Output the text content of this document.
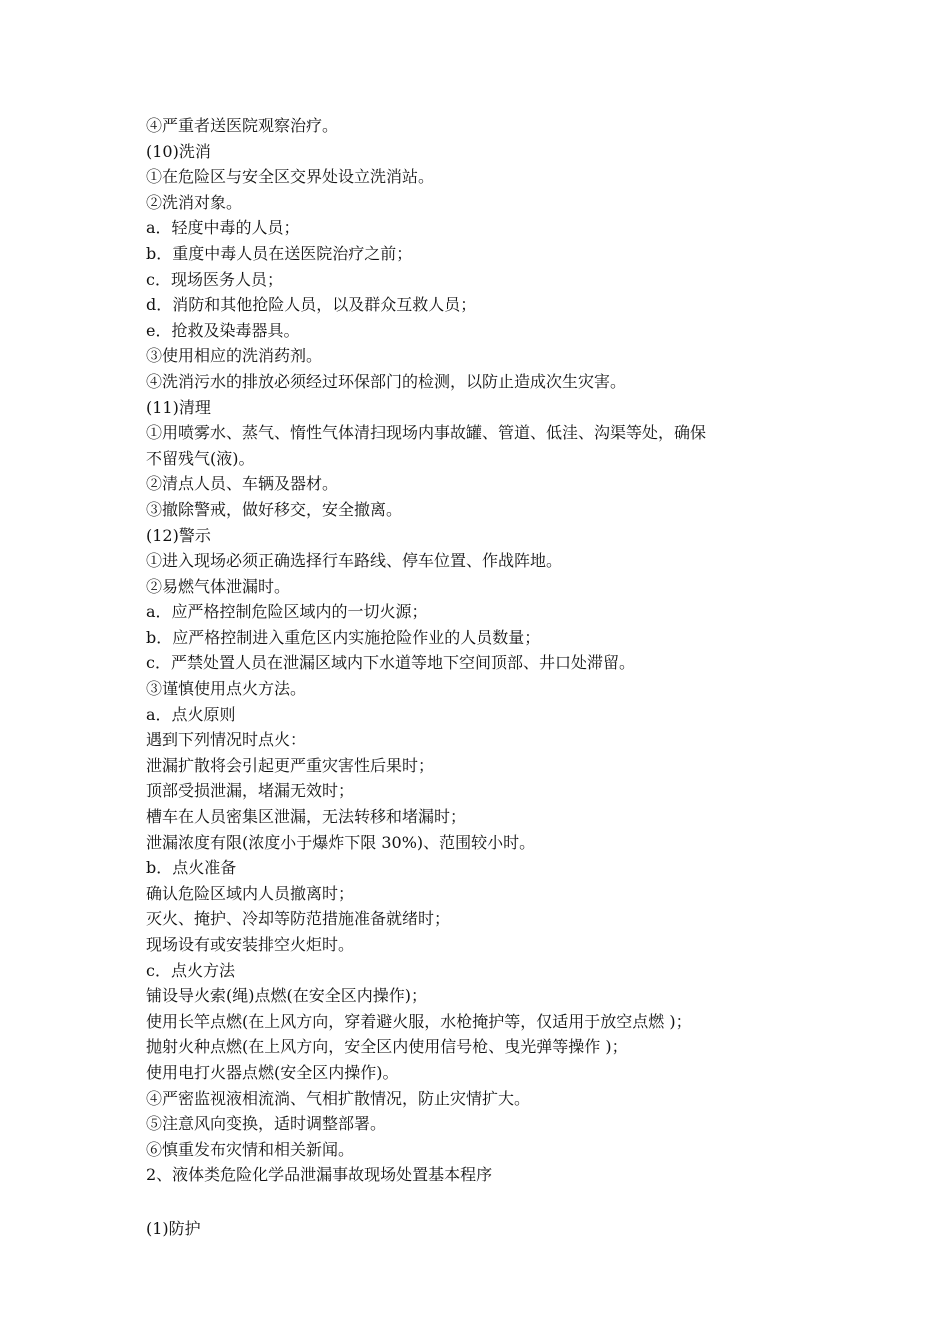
④严重者送医院观察治疗。

(10)洗消

①在危险区与安全区交界处设立洗消站。

②洗消对象。

a．轻度中毒的人员；

b．重度中毒人员在送医院治疗之前；

c．现场医务人员；

d．消防和其他抢险人员，以及群众互救人员；

e．抢救及染毒器具。

③使用相应的洗消药剂。

④洗消污水的排放必须经过环保部门的检测，以防止造成次生灾害。

(11)清理

①用喷雾水、蒸气、惰性气体清扫现场内事故罐、管道、低洼、沟渠等处，确保

不留残气(液)。

②清点人员、车辆及器材。

③撤除警戒，做好移交，安全撤离。

(12)警示

①进入现场必须正确选择行车路线、停车位置、作战阵地。

②易燃气体泄漏时。

a．应严格控制危险区域内的一切火源；

b．应严格控制进入重危区内实施抢险作业的人员数量；

c．严禁处置人员在泄漏区域内下水道等地下空间顶部、井口处滞留。

③谨慎使用点火方法。

a．点火原则

遇到下列情况时点火：

泄漏扩散将会引起更严重灾害性后果时；

顶部受损泄漏，堵漏无效时；

槽车在人员密集区泄漏，无法转移和堵漏时；

泄漏浓度有限(浓度小于爆炸下限 30%)、范围较小时。

b．点火准备

确认危险区域内人员撤离时；

灭火、掩护、冷却等防范措施准备就绪时；

现场设有或安装排空火炬时。

c．点火方法

铺设导火索(绳)点燃(在安全区内操作)；

使用长竿点燃(在上风方向，穿着避火服，水枪掩护等，仅适用于放空点燃 )；

抛射火种点燃(在上风方向，安全区内使用信号枪、曳光弹等操作 )；

使用电打火器点燃(安全区内操作)。

④严密监视液相流淌、气相扩散情况，防止灾情扩大。

⑤注意风向变换，适时调整部署。

⑥慎重发布灾情和相关新闻。

2、液体类危险化学品泄漏事故现场处置基本程序

(1)防护
